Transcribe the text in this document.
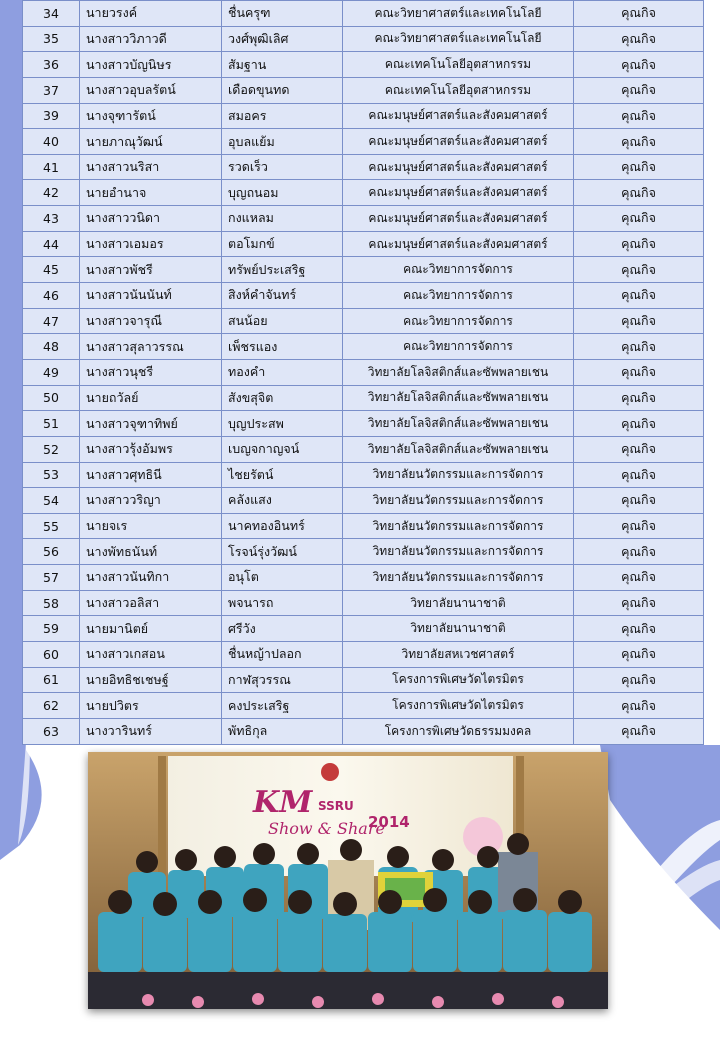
34	นายวรงค์	ชื่นครุฑ	คณะวิทยาศาสตร์และเทคโนโลยี	คุณกิจ
35	นางสาววิภาวดี	วงศ์พุฒิเลิศ	คณะวิทยาศาสตร์และเทคโนโลยี	คุณกิจ
36	นางสาวบัญนิษร	สัมฐาน	คณะเทคโนโลยีอุตสาหกรรม	คุณกิจ
37	นางสาวอุบลรัตน์	เดือดขุนทด	คณะเทคโนโลยีอุตสาหกรรม	คุณกิจ
39	นางจุฑารัตน์	สมอคร	คณะมนุษย์ศาสตร์และสังคมศาสตร์	คุณกิจ
40	นายภาณุวัฒน์	อุบลแย้ม	คณะมนุษย์ศาสตร์และสังคมศาสตร์	คุณกิจ
41	นางสาวนริสา	รวดเร็ว	คณะมนุษย์ศาสตร์และสังคมศาสตร์	คุณกิจ
42	นายอำนาจ	บุญถนอม	คณะมนุษย์ศาสตร์และสังคมศาสตร์	คุณกิจ
43	นางสาววนิดา	กงแหลม	คณะมนุษย์ศาสตร์และสังคมศาสตร์	คุณกิจ
44	นางสาวเอมอร	ตอโมกข์	คณะมนุษย์ศาสตร์และสังคมศาสตร์	คุณกิจ
45	นางสาวพัชรี	ทรัพย์ประเสริฐ	คณะวิทยาการจัดการ	คุณกิจ
46	นางสาวนันนันท์	สิงห์คำจันทร์	คณะวิทยาการจัดการ	คุณกิจ
47	นางสาวจารุณี	สนน้อย	คณะวิทยาการจัดการ	คุณกิจ
48	นางสาวสุลาวรรณ	เพ็ชรแอง	คณะวิทยาการจัดการ	คุณกิจ
49	นางสาวนุชรี	ทองคำ	วิทยาลัยโลจิสติกส์และซัพพลายเชน	คุณกิจ
50	นายถวัลย์	สังขสุจิต	วิทยาลัยโลจิสติกส์และซัพพลายเชน	คุณกิจ
51	นางสาวจุฑาทิพย์	บุญประสพ	วิทยาลัยโลจิสติกส์และซัพพลายเชน	คุณกิจ
52	นางสาวรุ้งอัมพร	เบญจกาญจน์	วิทยาลัยโลจิสติกส์และซัพพลายเชน	คุณกิจ
53	นางสาวศุทธินี	ไชยรัตน์	วิทยาลัยนวัตกรรมและการจัดการ	คุณกิจ
54	นางสาววริญา	คลังแสง	วิทยาลัยนวัตกรรมและการจัดการ	คุณกิจ
55	นายจเร	นาคทองอินทร์	วิทยาลัยนวัตกรรมและการจัดการ	คุณกิจ
56	นางพัทธนันท์	โรจน์รุ่งวัฒน์	วิทยาลัยนวัตกรรมและการจัดการ	คุณกิจ
57	นางสาวนันทิกา	อนุโต	วิทยาลัยนวัตกรรมและการจัดการ	คุณกิจ
58	นางสาวอลิสา	พจนารถ	วิทยาลัยนานาชาติ	คุณกิจ
59	นายมานิตย์	ศรีวัง	วิทยาลัยนานาชาติ	คุณกิจ
60	นางสาวเกสอน	ชื่นหญ้าปลอก	วิทยาลัยสหเวชศาสตร์	คุณกิจ
61	นายอิทธิชเชษฐ์	กาฬสุวรรณ	โครงการพิเศษวัดไตรมิตร	คุณกิจ
62	นายปวิตร	คงประเสริฐ	โครงการพิเศษวัดไตรมิตร	คุณกิจ
63	นางวารินทร์	พัทธิกุล	โครงการพิเศษวัดธรรมมงคล	คุณกิจ
KM SSRU
2014
Show & Share
